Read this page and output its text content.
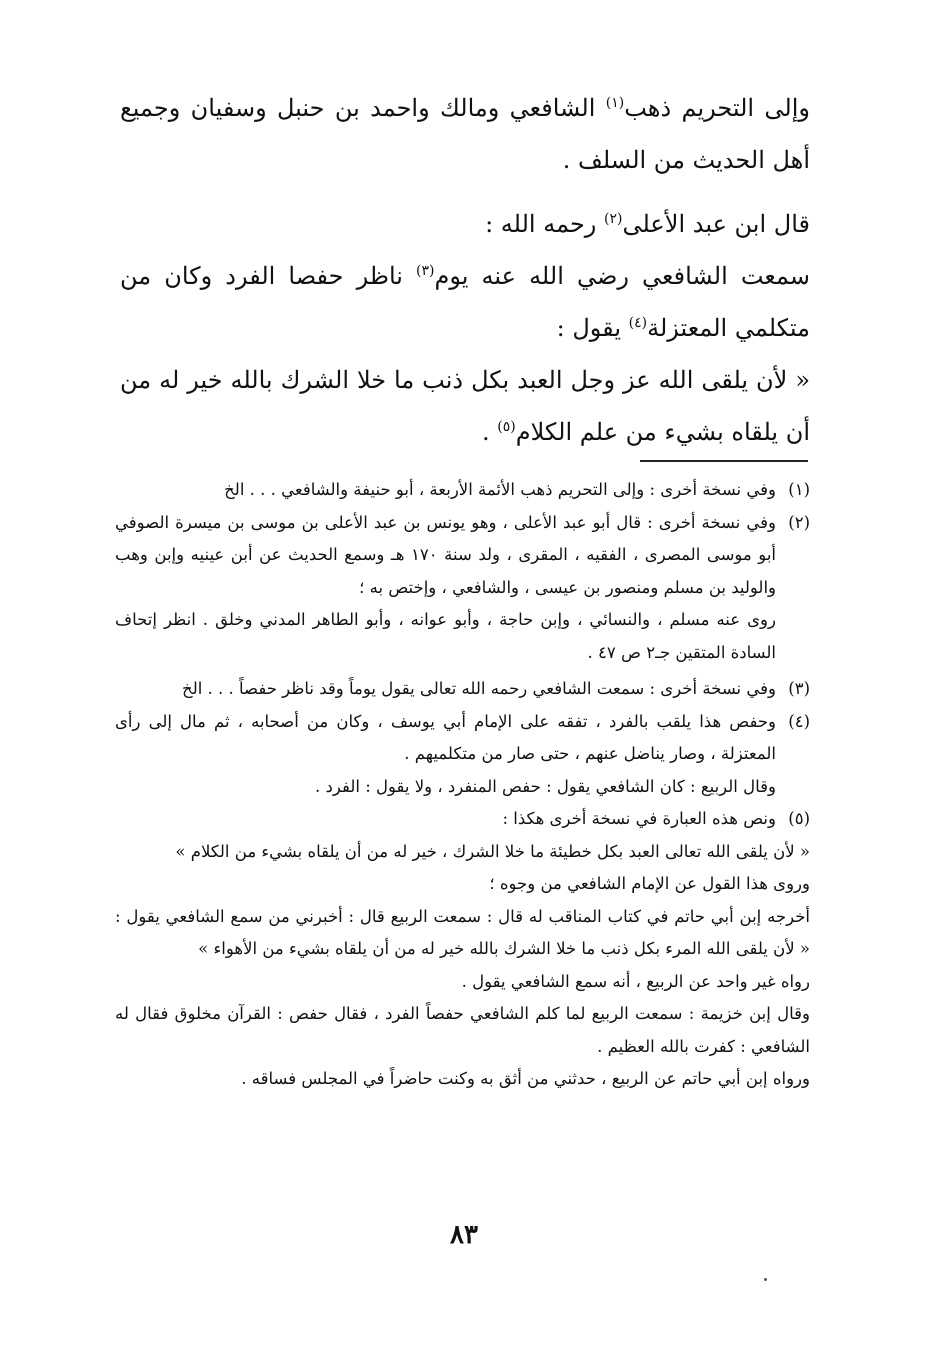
وإلى التحريم ذهب$^{(١)}$ الشافعي ومالك واحمد بن حنبل وسفيان وجميع أهل الحديث من السلف .

قال ابن عبد الأعلى$^{(٢)}$ رحمه الله :

سمعت الشافعي رضي الله عنه يوم$^{(٣)}$ ناظر حفصا الفرد وكان من متكلمي المعتزلة$^{(٤)}$ يقول :

« لأن يلقى الله عز وجل العبد بكل ذنب ما خلا الشرك بالله خير له من أن يلقاه بشيء من علم الكلام$^{(٥)}$ .

(١)
وفي نسخة أخرى : وإلى التحريم ذهب الأئمة الأربعة ، أبو حنيفة والشافعي . . . الخ
(٢)
وفي نسخة أخرى : قال أبو عبد الأعلى ، وهو يونس بن عبد الأعلى بن موسى بن ميسرة الصوفي أبو موسى المصرى ، الفقيه ، المقرى ، ولد سنة ١٧٠ هـ وسمع الحديث عن أبن عينيه وإبن وهب والوليد بن مسلم ومنصور بن عيسى ، والشافعي ، وإختص به ؛
روى عنه مسلم ، والنسائي ، وإبن حاجة ، وأبو عوانه ، وأبو الطاهر المدني وخلق . انظر إتحاف السادة المتقين جـ٢ ص ٤٧ .
(٣)
وفي نسخة أخرى : سمعت الشافعي رحمه الله تعالى يقول يوماً وقد ناظر حفصاً . . . الخ
(٤)
وحفص هذا يلقب بالفرد ، تفقه على الإمام أبي يوسف ، وكان من أصحابه ، ثم مال إلى رأى المعتزلة ، وصار يناضل عنهم ، حتى صار من متكلميهم .
وقال الربيع : كان الشافعي يقول : حفص المنفرد ، ولا يقول : الفرد .
(٥)
ونص هذه العبارة في نسخة أخرى هكذا :
« لأن يلقى الله تعالى العبد بكل خطيئة ما خلا الشرك ، خير له من أن يلقاه بشيء من الكلام »
وروى هذا القول عن الإمام الشافعي من وجوه ؛
أخرجه إبن أبي حاتم في كتاب المناقب له قال : سمعت الربيع قال : أخبرني من سمع الشافعي يقول : « لأن يلقى الله المرء بكل ذنب ما خلا الشرك بالله خير له من أن يلقاه بشيء من الأهواء »
رواه غير واحد عن الربيع ، أنه سمع الشافعي يقول .
وقال إبن خزيمة : سمعت الربيع لما كلم الشافعي حفصاً الفرد ، فقال حفص : القرآن مخلوق فقال له الشافعي : كفرت بالله العظيم .
ورواه إبن أبي حاتم عن الربيع ، حدثني من أثق به وكنت حاضراً في المجلس فساقه .
٨٣
